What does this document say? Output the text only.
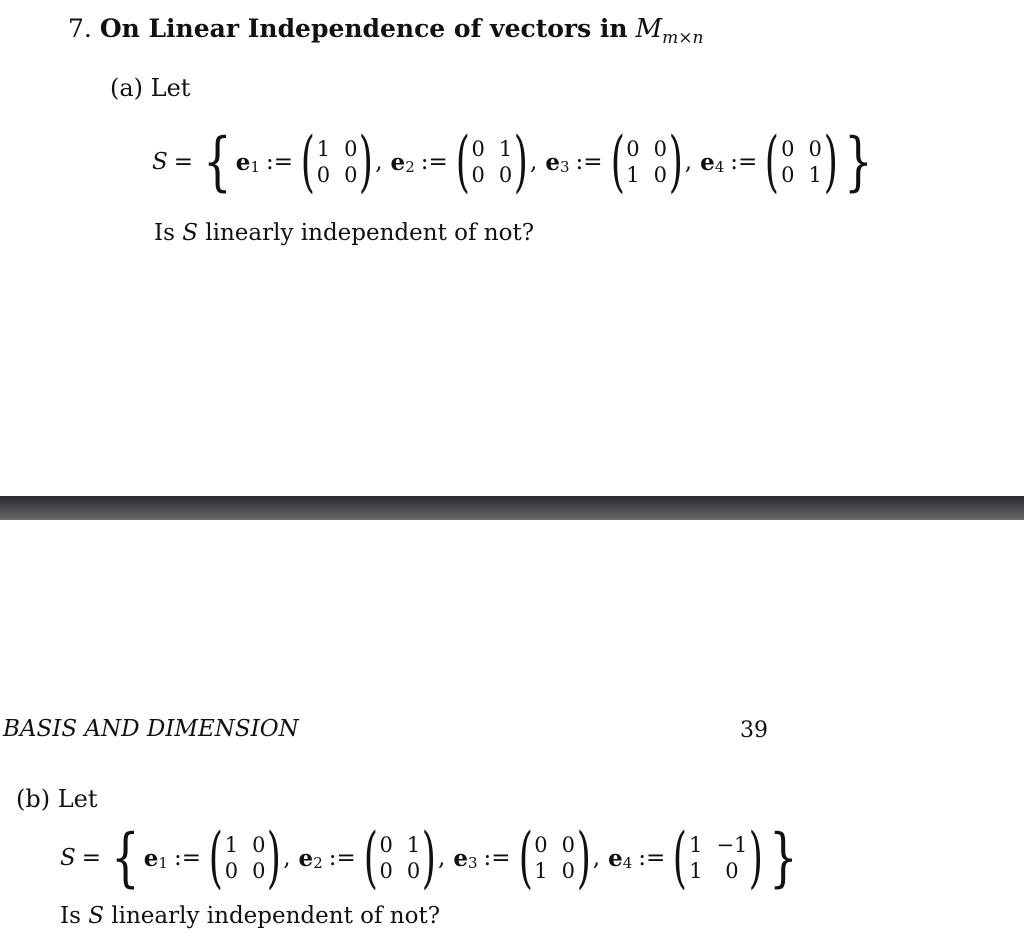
7. On Linear Independence of vectors in $M_{m\times n}$
(a) Let
S = { e 1 := ( 1 0
0 0 ) , e 2 := ( 0 1
0 0 ) , e 3 := ( 0 0
1 0 ) , e 4 := ( 0 0
0 1 ) }
Is S linearly independent of not?
BASIS AND DIMENSION	39
(b) Let
S = { e 1 := ( 1 0
0 0 ) , e 2 := ( 0 1
0 0 ) , e 3 := ( 0 0
1 0 ) , e 4 := ( 1 −1
1	0 ) }
Is S linearly independent of not?
